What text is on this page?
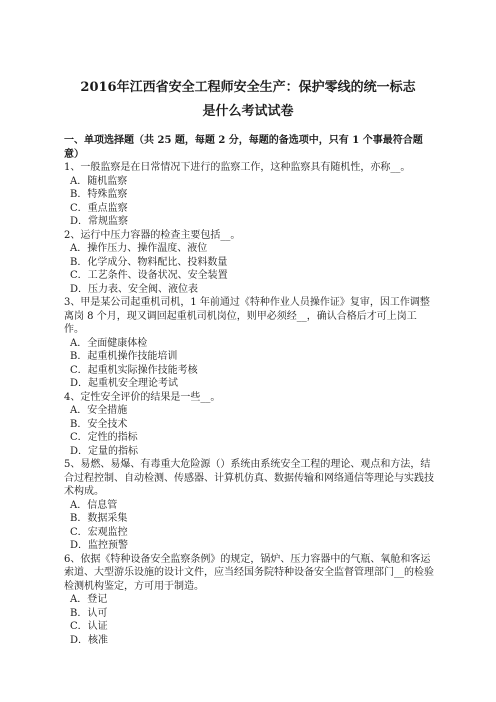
2016年江西省安全工程师安全生产：保护零线的统一标志
是什么考试试卷
一、单项选择题（共 25 题，每题 2 分，每题的备选项中，只有 1 个事最符合题意）
1、一般监察是在日常情况下进行的监察工作，这种监察具有随机性，亦称__。
A．随机监察
B．特殊监察
C．重点监察
D．常规监察
2、运行中压力容器的检查主要包括__。
A．操作压力、操作温度、液位
B．化学成分、物料配比、投料数量
C．工艺条件、设备状况、安全装置
D．压力表、安全阀、液位表
3、甲是某公司起重机司机，1 年前通过《特种作业人员操作证》复审，因工作调整离岗 8 个月，现又调回起重机司机岗位，则甲必须经__，确认合格后才可上岗工作。
A．全面健康体检
B．起重机操作技能培训
C．起重机实际操作技能考核
D．起重机安全理论考试
4、定性安全评价的结果是一些__。
A．安全措施
B．安全技术
C．定性的指标
D．定量的指标
5、易燃、易爆、有毒重大危险源（）系统由系统安全工程的理论、观点和方法，结合过程控制、自动检测、传感器、计算机仿真、数据传输和网络通信等理论与实践技术构成。
A．信息管
B．数据采集
C．宏观监控
D．监控预警
6、依据《特种设备安全监察条例》的规定，锅炉、压力容器中的气瓶、氧舱和客运索道、大型游乐设施的设计文件，应当经国务院特种设备安全监督管理部门__的检验检测机构鉴定，方可用于制造。
A．登记
B．认可
C．认证
D．核准
